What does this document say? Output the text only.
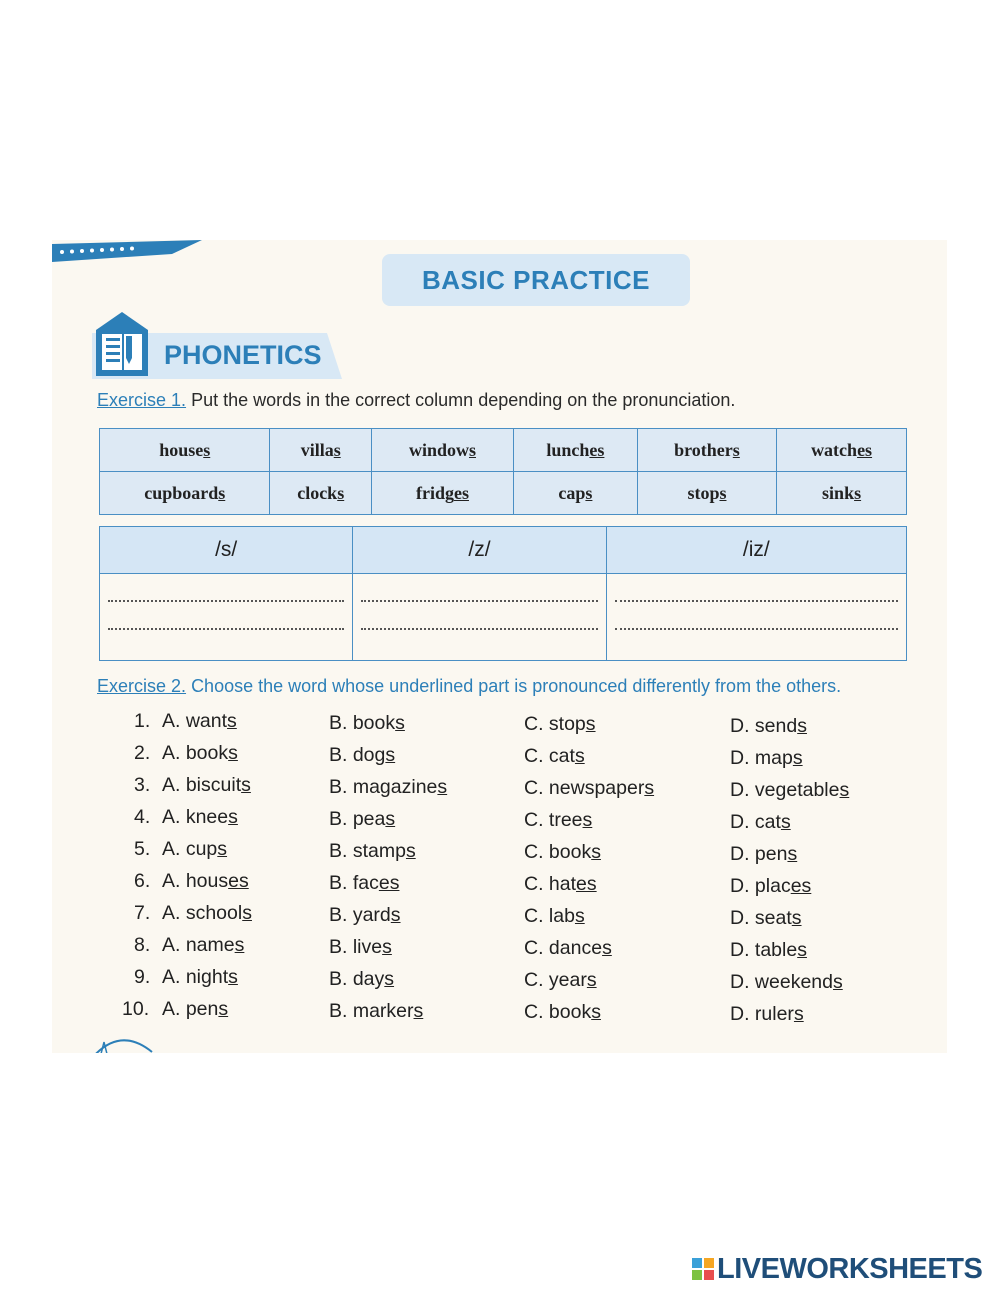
BASIC PRACTICE
PHONETICS
Exercise 1. Put the words in the correct column depending on the pronunciation.
houses	villas	windows	lunches	brothers	watches
cupboards	clocks	fridges	caps	stops	sinks
/s/	/z/	/iz/

Exercise 2. Choose the word whose underlined part is pronounced differently from the others.
1. A. wants	B. books	C. stops	D. sends
2. A. books	B. dogs	C. cats	D. maps
3. A. biscuits	B. magazines	C. newspapers	D. vegetables
4. A. knees	B. peas	C. trees	D. cats
5. A. cups	B. stamps	C. books	D. pens
6. A. houses	B. faces	C. hates	D. places
7. A. schools	B. yards	C. labs	D. seats
8. A. names	B. lives	C. dances	D. tables
9. A. nights	B. days	C. years	D. weekends
10. A. pens	B. markers	C. books	D. rulers
LIVEWORKSHEETS
